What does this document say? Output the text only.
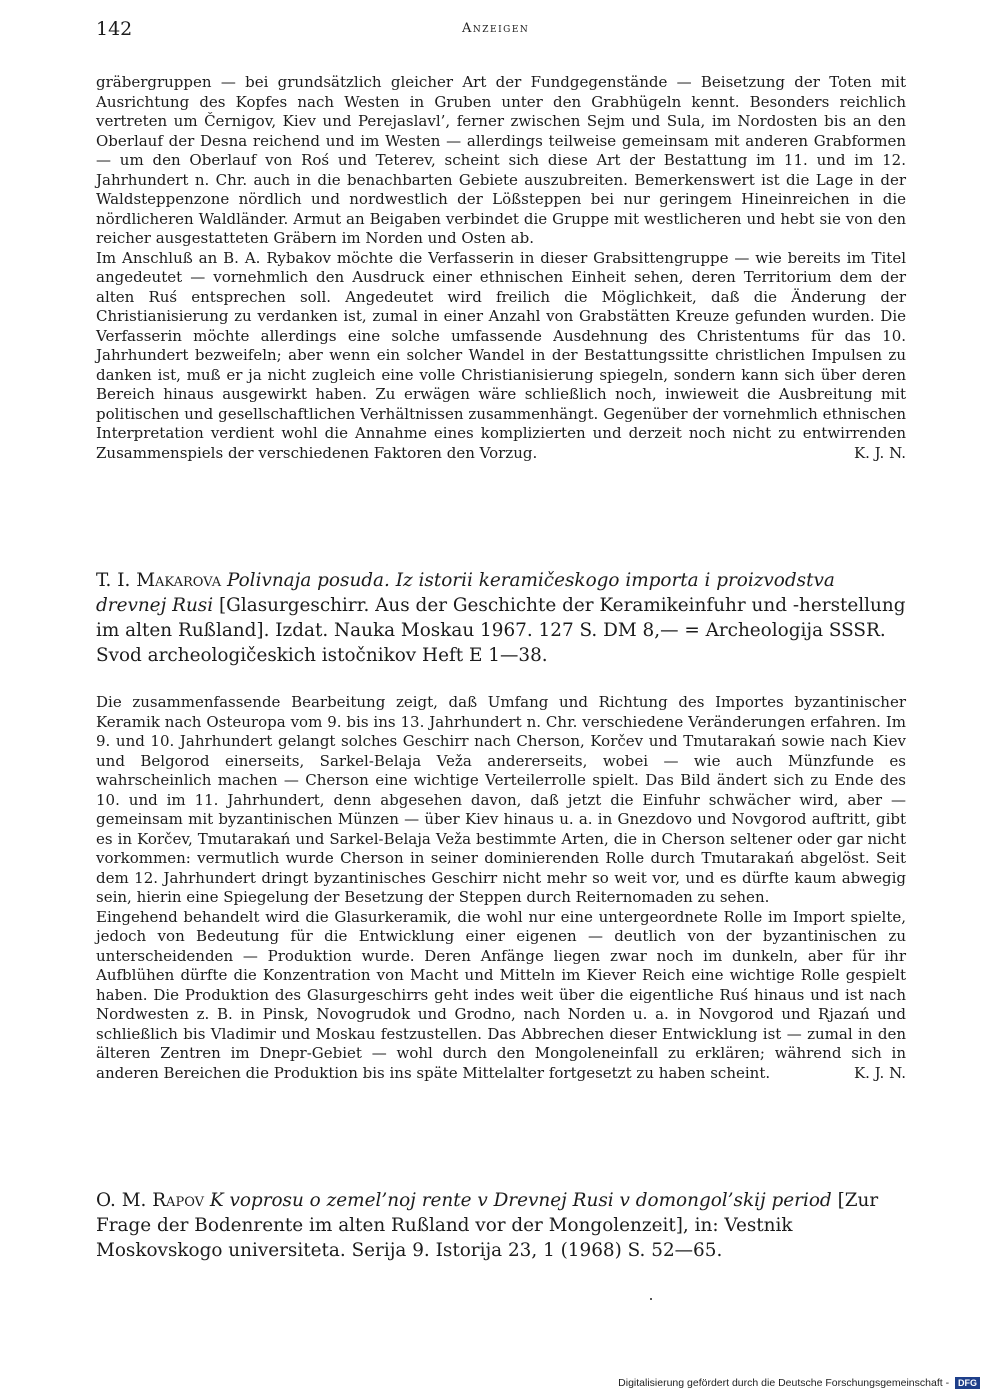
142	Anzeigen

gräbergruppen — bei grundsätzlich gleicher Art der Fundgegenstände — Beisetzung der Toten mit Ausrichtung des Kopfes nach Westen in Gruben unter den Grabhügeln kennt. Besonders reichlich vertreten um Černigov, Kiev und Perejaslavl’, ferner zwischen Sejm und Sula, im Nordosten bis an den Oberlauf der Desna reichend und im Westen — allerdings teilweise gemeinsam mit anderen Grabformen — um den Oberlauf von Roś und Teterev, scheint sich diese Art der Bestattung im 11. und im 12. Jahrhundert n. Chr. auch in die benachbarten Gebiete auszubreiten. Bemerkenswert ist die Lage in der Waldsteppenzone nördlich und nordwestlich der Lößsteppen bei nur geringem Hineinreichen in die nördlicheren Waldländer. Armut an Beigaben verbindet die Gruppe mit westlicheren und hebt sie von den reicher ausgestatteten Gräbern im Norden und Osten ab.

Im Anschluß an B. A. Rybakov möchte die Verfasserin in dieser Grabsittengruppe — wie bereits im Titel angedeutet — vornehmlich den Ausdruck einer ethnischen Einheit sehen, deren Territorium dem der alten Ruś entsprechen soll. Angedeutet wird freilich die Möglichkeit, daß die Änderung der Christianisierung zu verdanken ist, zumal in einer Anzahl von Grabstätten Kreuze gefunden wurden. Die Verfasserin möchte allerdings eine solche umfassende Ausdehnung des Christentums für das 10. Jahrhundert bezweifeln; aber wenn ein solcher Wandel in der Bestattungssitte christlichen Impulsen zu danken ist, muß er ja nicht zugleich eine volle Christianisierung spiegeln, sondern kann sich über deren Bereich hinaus ausgewirkt haben. Zu erwägen wäre schließlich noch, inwieweit die Ausbreitung mit politischen und gesellschaftlichen Verhältnissen zusammenhängt. Gegenüber der vornehmlich ethnischen Interpretation verdient wohl die Annahme eines komplizierten und derzeit noch nicht zu entwirrenden Zusammenspiels der verschiedenen Faktoren den Vorzug.	K. J. N.

T. I. Makarova Polivnaja posuda. Iz istorii keramičeskogo importa i proizvodstva drevnej Rusi [Glasurgeschirr. Aus der Geschichte der Keramikeinfuhr und -herstellung im alten Rußland]. Izdat. Nauka Moskau 1967. 127 S. DM 8,— = Archeologija SSSR. Svod archeologičeskich istočnikov Heft E 1—38.

Die zusammenfassende Bearbeitung zeigt, daß Umfang und Richtung des Importes byzantinischer Keramik nach Osteuropa vom 9. bis ins 13. Jahrhundert n. Chr. verschiedene Veränderungen erfahren. Im 9. und 10. Jahrhundert gelangt solches Geschirr nach Cherson, Korčev und Tmutarakań sowie nach Kiev und Belgorod einerseits, Sarkel-Belaja Veža andererseits, wobei — wie auch Münzfunde es wahrscheinlich machen — Cherson eine wichtige Verteilerrolle spielt. Das Bild ändert sich zu Ende des 10. und im 11. Jahrhundert, denn abgesehen davon, daß jetzt die Einfuhr schwächer wird, aber — gemeinsam mit byzantinischen Münzen — über Kiev hinaus u. a. in Gnezdovo und Novgorod auftritt, gibt es in Korčev, Tmutarakań und Sarkel-Belaja Veža bestimmte Arten, die in Cherson seltener oder gar nicht vorkommen: vermutlich wurde Cherson in seiner dominierenden Rolle durch Tmutarakań abgelöst. Seit dem 12. Jahrhundert dringt byzantinisches Geschirr nicht mehr so weit vor, und es dürfte kaum abwegig sein, hierin eine Spiegelung der Besetzung der Steppen durch Reiternomaden zu sehen.

Eingehend behandelt wird die Glasurkeramik, die wohl nur eine untergeordnete Rolle im Import spielte, jedoch von Bedeutung für die Entwicklung einer eigenen — deutlich von der byzantinischen zu unterscheidenden — Produktion wurde. Deren Anfänge liegen zwar noch im dunkeln, aber für ihr Aufblühen dürfte die Konzentration von Macht und Mitteln im Kiever Reich eine wichtige Rolle gespielt haben. Die Produktion des Glasurgeschirrs geht indes weit über die eigentliche Ruś hinaus und ist nach Nordwesten z. B. in Pinsk, Novogrudok und Grodno, nach Norden u. a. in Novgorod und Rjazań und schließlich bis Vladimir und Moskau festzustellen. Das Abbrechen dieser Entwicklung ist — zumal in den älteren Zentren im Dnepr-Gebiet — wohl durch den Mongoleneinfall zu erklären; während sich in anderen Bereichen die Produktion bis ins späte Mittelalter fortgesetzt zu haben scheint.	K. J. N.

O. M. Rapov K voprosu o zemel’noj rente v Drevnej Rusi v domongol’skij period [Zur Frage der Bodenrente im alten Rußland vor der Mongolenzeit], in: Vestnik Moskovskogo universiteta. Serija 9. Istorija 23, 1 (1968) S. 52—65.
Digitalisierung gefördert durch die Deutsche Forschungsgemeinschaft - DFG
